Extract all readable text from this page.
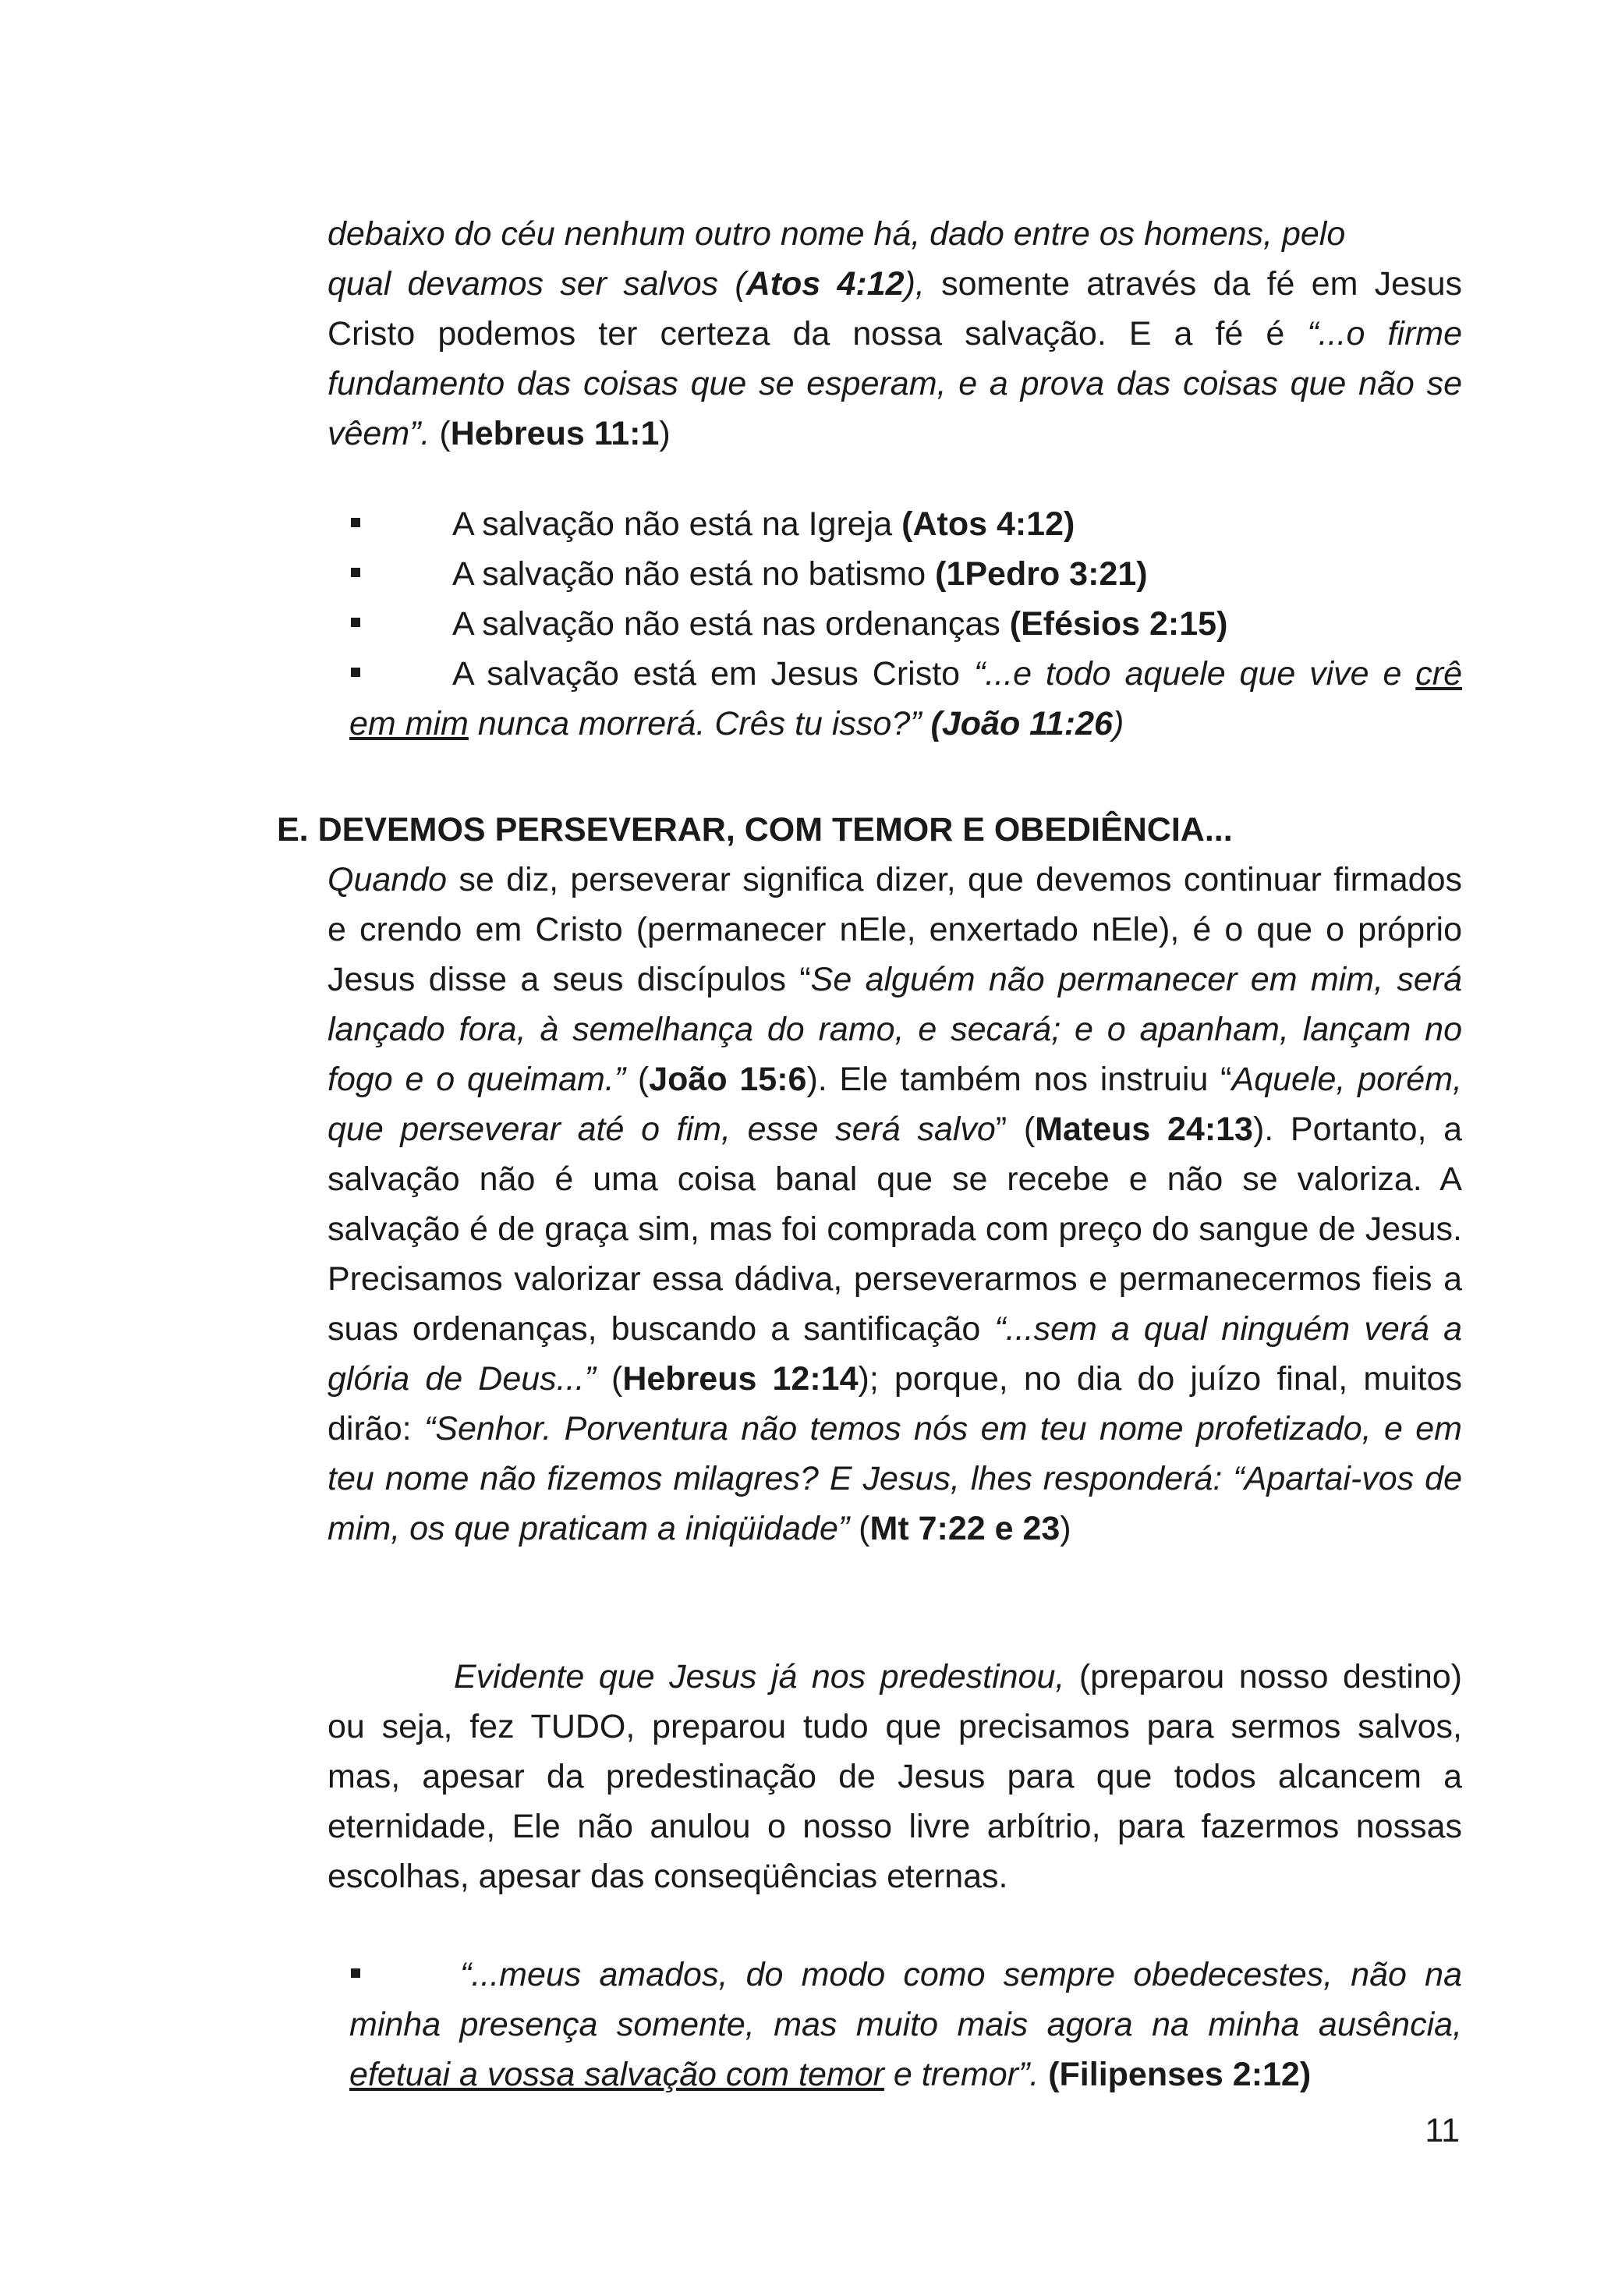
debaixo do céu nenhum outro nome há, dado entre os homens, pelo
qual devamos ser salvos (Atos 4:12), somente através da fé em Jesus Cristo podemos ter certeza da nossa salvação. E a fé é “...o firme fundamento das coisas que se esperam, e a prova das coisas que não se vêem”. (Hebreus 11:1)

A salvação não está na Igreja (Atos 4:12)
A salvação não está no batismo (1Pedro 3:21)
A salvação não está nas ordenanças (Efésios 2:15)
A salvação está em Jesus Cristo “...e todo aquele que vive e crê em mim nunca morrerá. Crês tu isso?” (João 11:26)
E. DEVEMOS PERSEVERAR, COM TEMOR E OBEDIÊNCIA...

Quando se diz, perseverar significa dizer, que devemos continuar firmados e crendo em Cristo (permanecer nEle, enxertado nEle), é o que o próprio Jesus disse a seus discípulos “Se alguém não permanecer em mim, será lançado fora, à semelhança do ramo, e secará; e o apanham, lançam no fogo e o queimam.” (João 15:6). Ele também nos instruiu “Aquele, porém, que perseverar até o fim, esse será salvo” (Mateus 24:13). Portanto, a salvação não é uma coisa banal que se recebe e não se valoriza. A salvação é de graça sim, mas foi comprada com preço do sangue de Jesus. Precisamos valorizar essa dádiva, perseverarmos e permanecermos fieis a suas ordenanças, buscando a santificação “...sem a qual ninguém verá a glória de Deus...” (Hebreus 12:14); porque, no dia do juízo final, muitos dirão: “Senhor. Porventura não temos nós em teu nome profetizado, e em teu nome não fizemos milagres? E Jesus, lhes responderá: “Apartai-vos de mim, os que praticam a iniqüidade” (Mt 7:22 e 23)

Evidente que Jesus já nos predestinou, (preparou nosso destino) ou seja, fez TUDO, preparou tudo que precisamos para sermos salvos, mas, apesar da predestinação de Jesus para que todos alcancem a eternidade, Ele não anulou o nosso livre arbítrio, para fazermos nossas escolhas, apesar das conseqüências eternas.

“...meus amados, do modo como sempre obedecestes, não na minha presença somente, mas muito mais agora na minha ausência, efetuai a vossa salvação com temor e tremor”. (Filipenses 2:12)
11
